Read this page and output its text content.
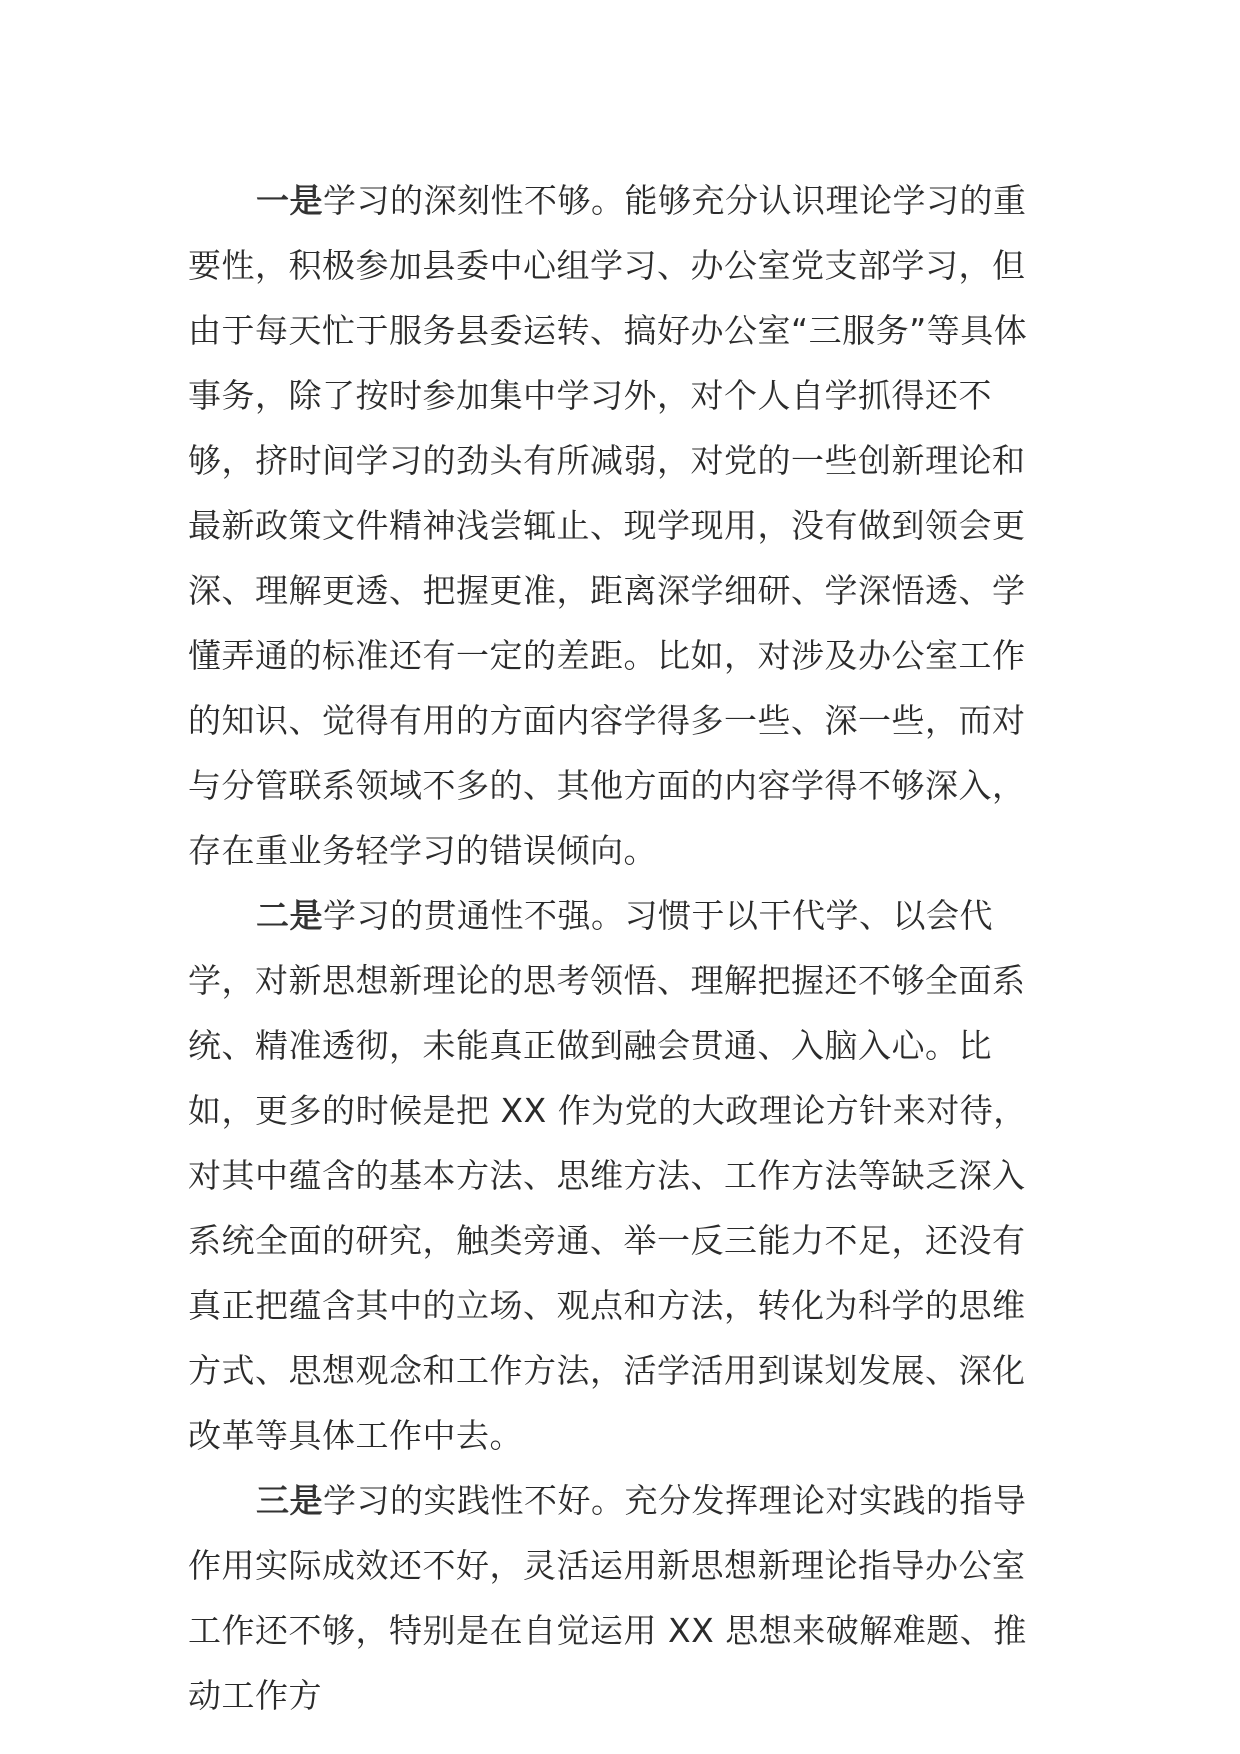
一是学习的深刻性不够。能够充分认识理论学习的重要性，积极参加县委中心组学习、办公室党支部学习，但由于每天忙于服务县委运转、搞好办公室“三服务”等具体事务，除了按时参加集中学习外，对个人自学抓得还不够，挤时间学习的劲头有所减弱，对党的一些创新理论和最新政策文件精神浅尝辄止、现学现用，没有做到领会更深、理解更透、把握更准，距离深学细研、学深悟透、学懂弄通的标准还有一定的差距。比如，对涉及办公室工作的知识、觉得有用的方面内容学得多一些、深一些，而对与分管联系领域不多的、其他方面的内容学得不够深入，存在重业务轻学习的错误倾向。

二是学习的贯通性不强。习惯于以干代学、以会代学，对新思想新理论的思考领悟、理解把握还不够全面系统、精准透彻，未能真正做到融会贯通、入脑入心。比如，更多的时候是把 XX 作为党的大政理论方针来对待，对其中蕴含的基本方法、思维方法、工作方法等缺乏深入系统全面的研究，触类旁通、举一反三能力不足，还没有真正把蕴含其中的立场、观点和方法，转化为科学的思维方式、思想观念和工作方法，活学活用到谋划发展、深化改革等具体工作中去。

三是学习的实践性不好。充分发挥理论对实践的指导作用实际成效还不好，灵活运用新思想新理论指导办公室工作还不够，特别是在自觉运用 XX 思想来破解难题、推动工作方
